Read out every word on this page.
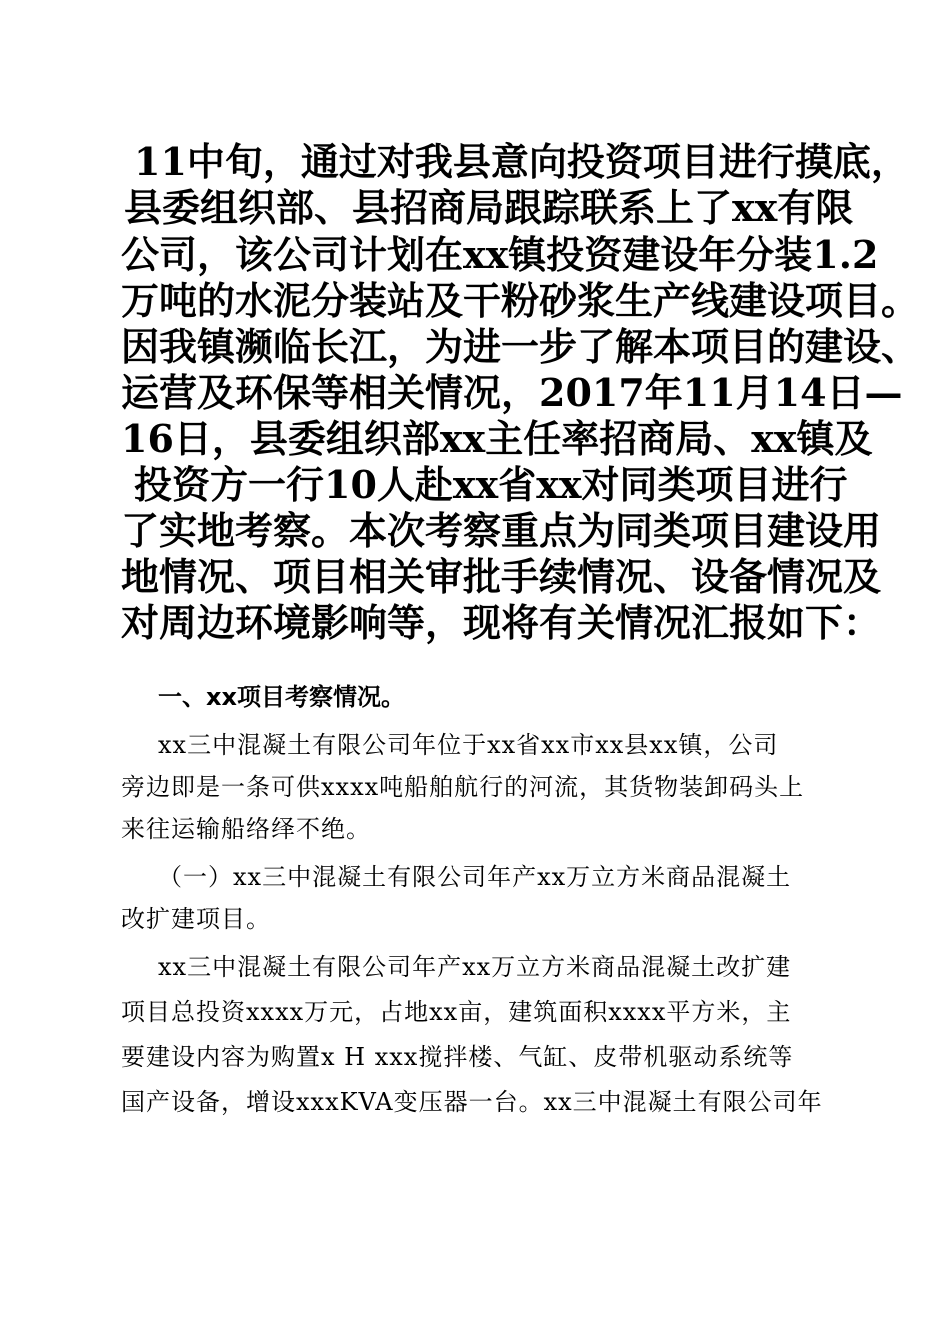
11中旬，通过对我县意向投资项目进行摸底，
县委组织部、县招商局跟踪联系上了xx有限
公司，该公司计划在xx镇投资建设年分装1.2
万吨的水泥分装站及干粉砂浆生产线建设项目。
因我镇濒临长江，为进一步了解本项目的建设、
运营及环保等相关情况，2017年11月14日—
16日，县委组织部xx主任率招商局、xx镇及
投资方一行10人赴xx省xx对同类项目进行
了实地考察。本次考察重点为同类项目建设用
地情况、项目相关审批手续情况、设备情况及
对周边环境影响等，现将有关情况汇报如下：
一、xx项目考察情况。
xx三中混凝土有限公司年位于xx省xx市xx县xx镇，公司
旁边即是一条可供xxxx吨船舶航行的河流，其货物装卸码头上
来往运输船络绎不绝。
（一）xx三中混凝土有限公司年产xx万立方米商品混凝土
改扩建项目。
xx三中混凝土有限公司年产xx万立方米商品混凝土改扩建
项目总投资xxxx万元，占地xx亩，建筑面积xxxx平方米，主
要建设内容为购置x H xxx搅拌楼、气缸、皮带机驱动系统等
国产设备，增设xxxKVA变压器一台。xx三中混凝土有限公司年
